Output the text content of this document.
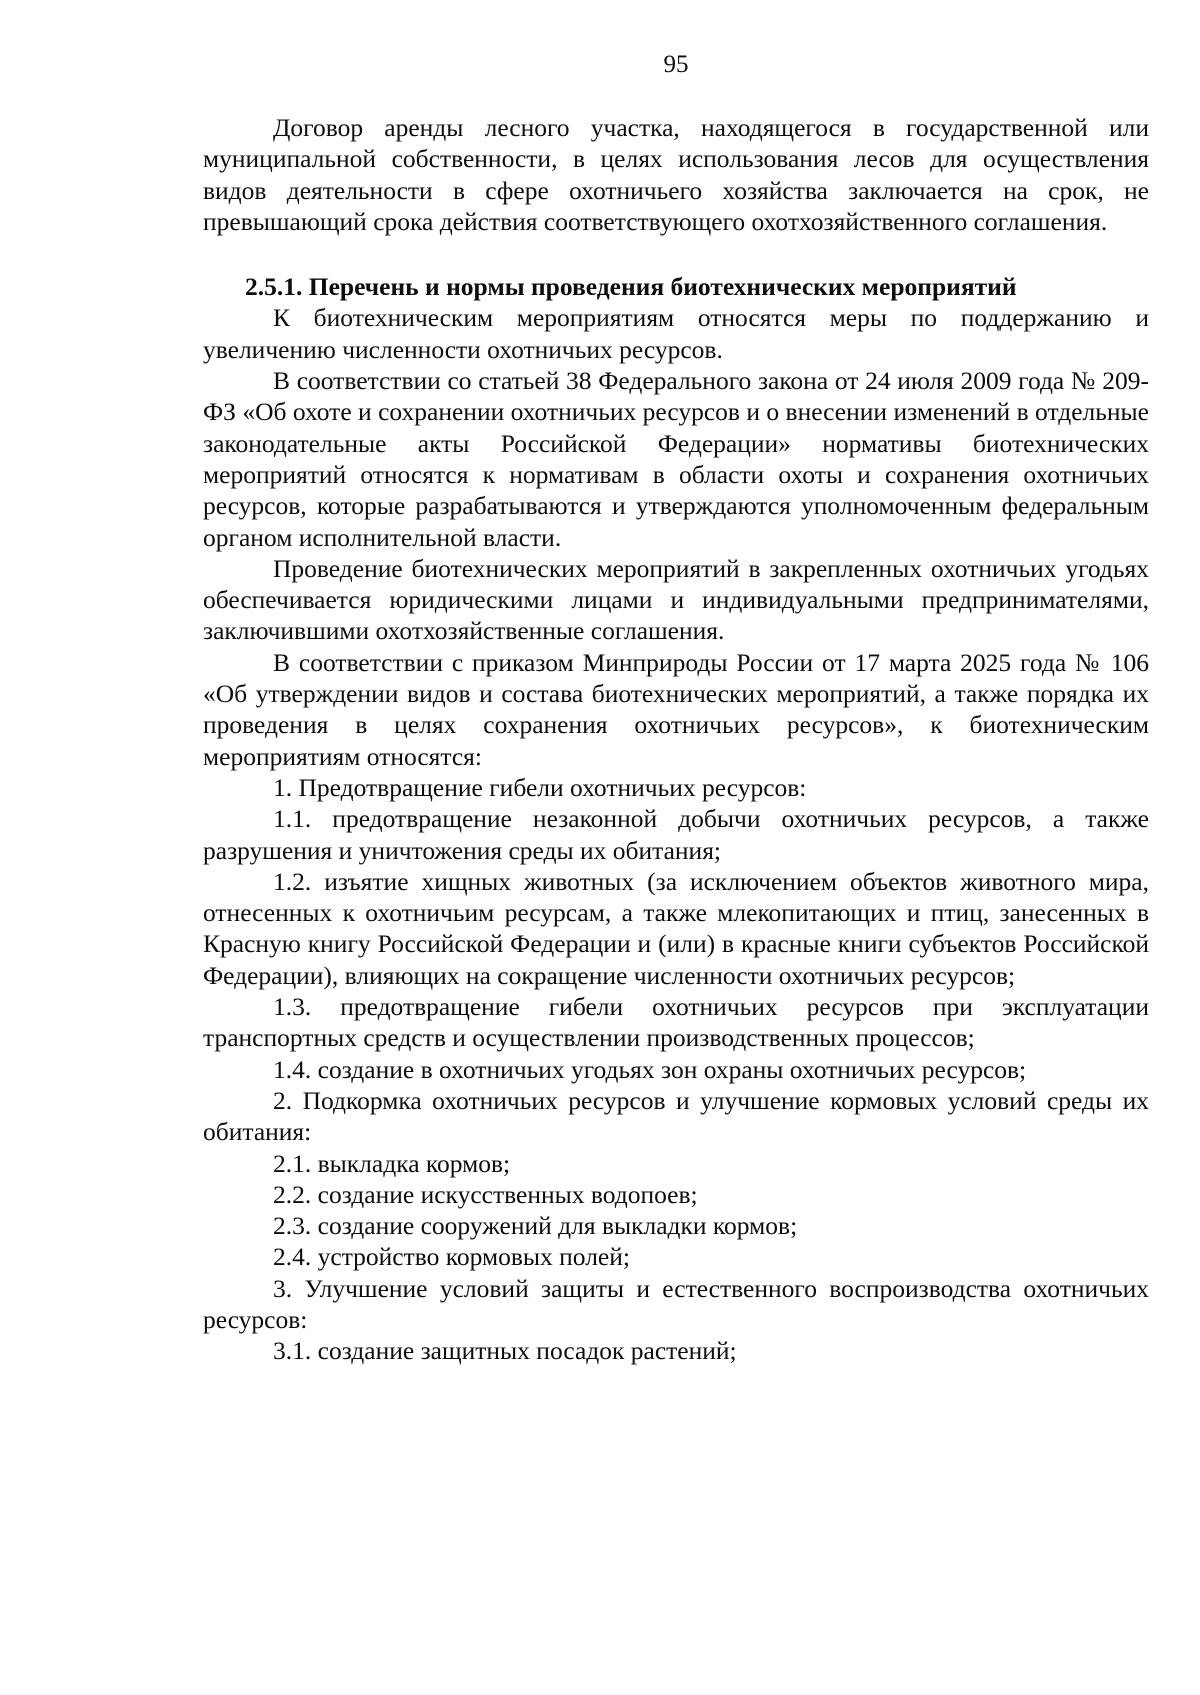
95

Договор аренды лесного участка, находящегося в государственной или муниципальной собственности, в целях использования лесов для осуществления видов деятельности в сфере охотничьего хозяйства заключается на срок, не превышающий срока действия соответствующего охотхозяйственного соглашения.

2.5.1. Перечень и нормы проведения биотехнических мероприятий

К биотехническим мероприятиям относятся меры по поддержанию и увеличению численности охотничьих ресурсов.

В соответствии со статьей 38 Федерального закона от 24 июля 2009 года № 209-ФЗ «Об охоте и сохранении охотничьих ресурсов и о внесении изменений в отдельные законодательные акты Российской Федерации» нормативы биотехнических мероприятий относятся к нормативам в области охоты и сохранения охотничьих ресурсов, которые разрабатываются и утверждаются уполномоченным федеральным органом исполнительной власти.

Проведение биотехнических мероприятий в закрепленных охотничьих угодьях обеспечивается юридическими лицами и индивидуальными предпринимателями, заключившими охотхозяйственные соглашения.

В соответствии с приказом Минприроды России от 17 марта 2025 года № 106 «Об утверждении видов и состава биотехнических мероприятий, а также порядка их проведения в целях сохранения охотничьих ресурсов», к биотехническим мероприятиям относятся:

1. Предотвращение гибели охотничьих ресурсов:

1.1. предотвращение незаконной добычи охотничьих ресурсов, а также разрушения и уничтожения среды их обитания;

1.2. изъятие хищных животных (за исключением объектов животного мира, отнесенных к охотничьим ресурсам, а также млекопитающих и птиц, занесенных в Красную книгу Российской Федерации и (или) в красные книги субъектов Российской Федерации), влияющих на сокращение численности охотничьих ресурсов;

1.3. предотвращение гибели охотничьих ресурсов при эксплуатации транспортных средств и осуществлении производственных процессов;

1.4. создание в охотничьих угодьях зон охраны охотничьих ресурсов;

2. Подкормка охотничьих ресурсов и улучшение кормовых условий среды их обитания:

2.1. выкладка кормов;

2.2. создание искусственных водопоев;

2.3. создание сооружений для выкладки кормов;

2.4. устройство кормовых полей;

3. Улучшение условий защиты и естественного воспроизводства охотничьих ресурсов:

3.1. создание защитных посадок растений;
